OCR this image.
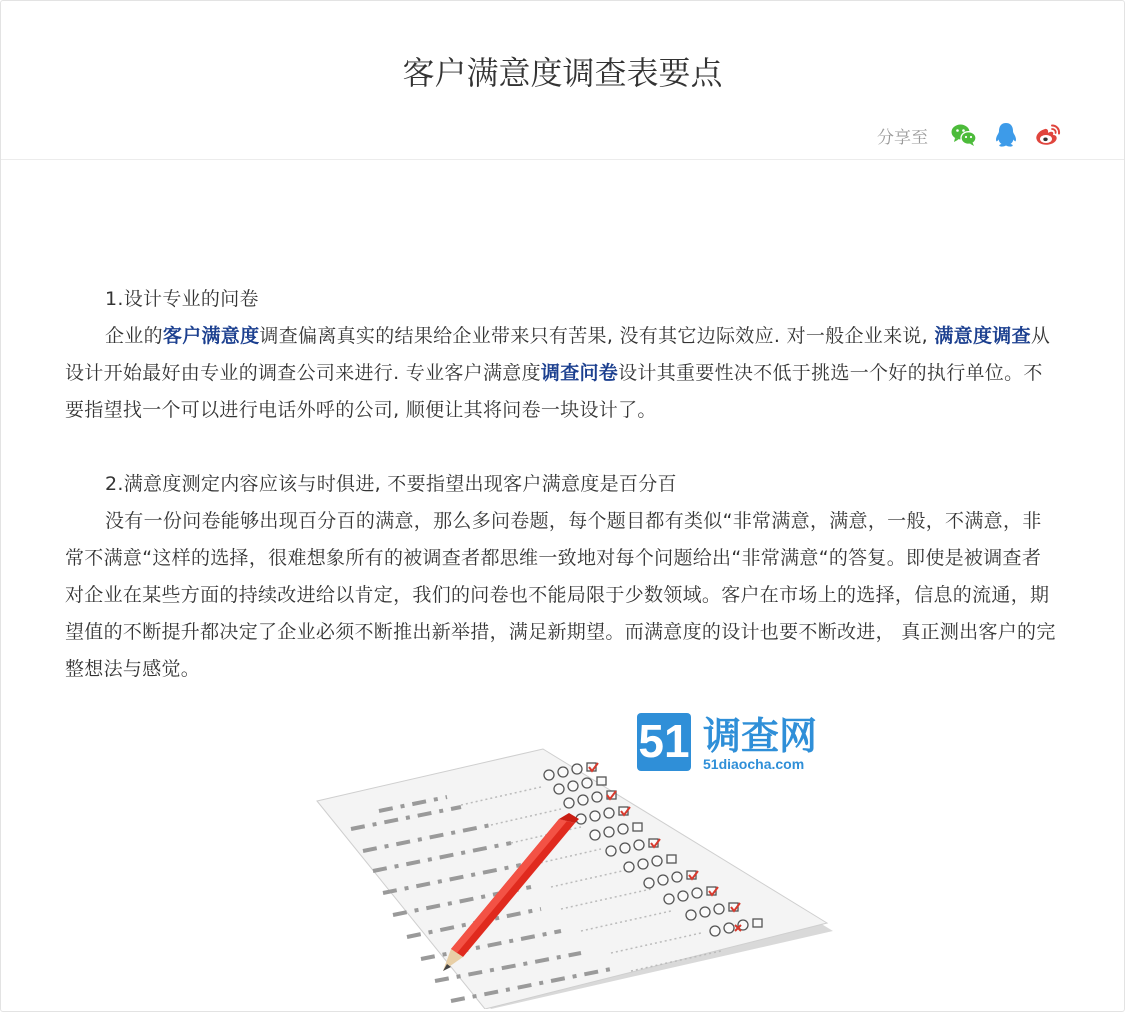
客户满意度调查表要点
分享至

1.设计专业的问卷

企业的客户满意度调查偏离真实的结果给企业带来只有苦果, 没有其它边际效应. 对一般企业来说, 满意度调查从设计开始最好由专业的调查公司来进行. 专业客户满意度调查问卷设计其重要性决不低于挑选一个好的执行单位。不要指望找一个可以进行电话外呼的公司, 顺便让其将问卷一块设计了。

2.满意度测定内容应该与时俱进, 不要指望出现客户满意度是百分百

没有一份问卷能够出现百分百的满意，那么多问卷题，每个题目都有类似“非常满意，满意，一般，不满意，非常不满意“这样的选择，很难想象所有的被调查者都思维一致地对每个问题给出“非常满意“的答复。即使是被调查者对企业在某些方面的持续改进给以肯定，我们的问卷也不能局限于少数领域。客户在市场上的选择，信息的流通，期望值的不断提升都决定了企业必须不断推出新举措，满足新期望。而满意度的设计也要不断改进， 真正测出客户的完整想法与感觉。

51 调查网
51diaocha.com
